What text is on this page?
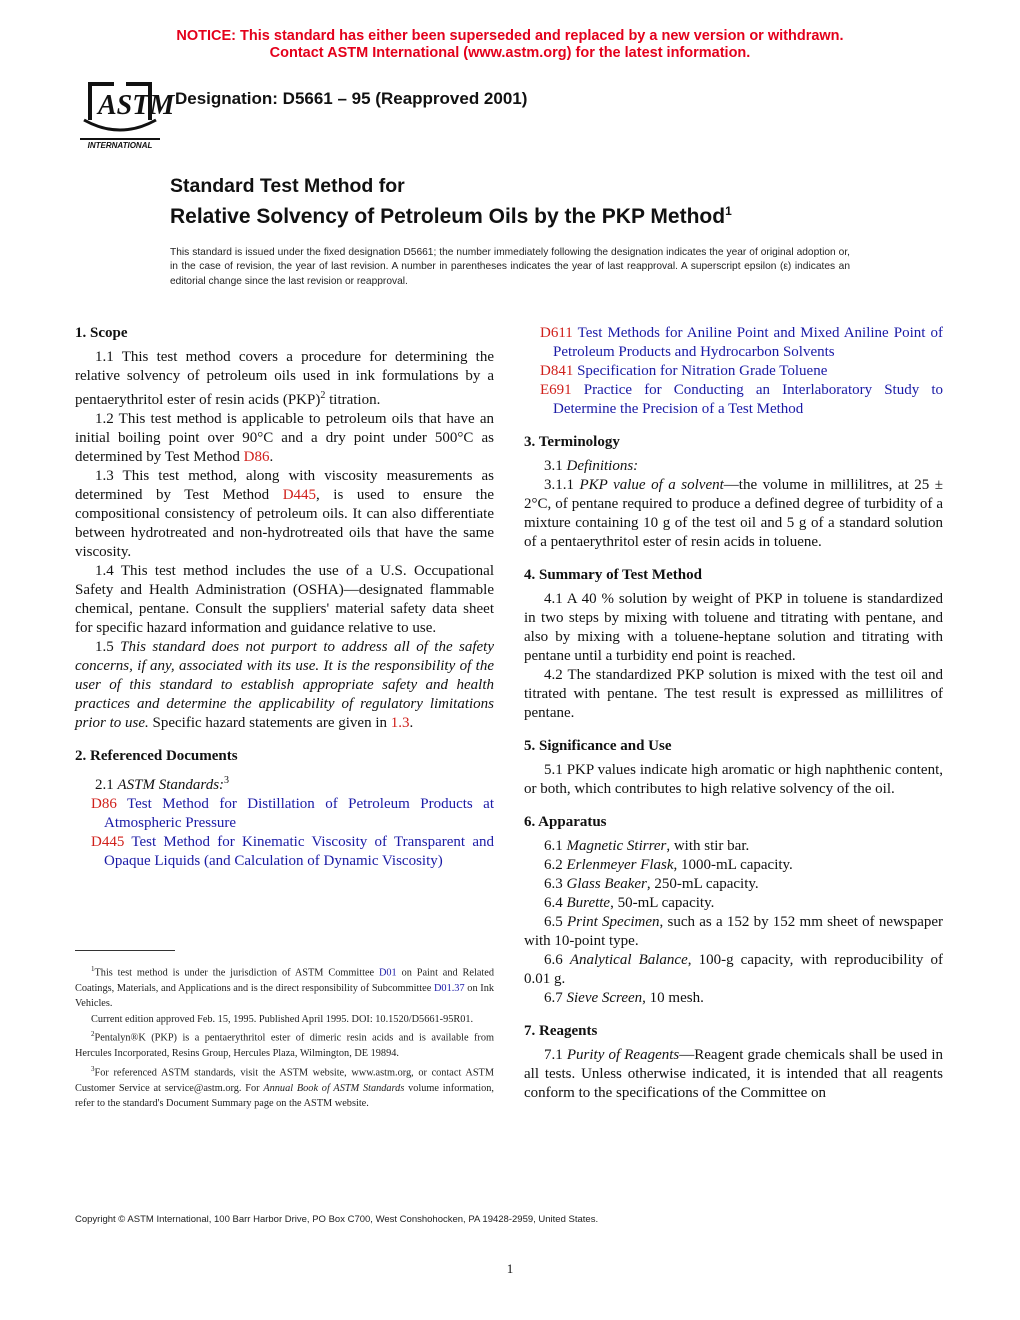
NOTICE: This standard has either been superseded and replaced by a new version or withdrawn.
Contact ASTM International (www.astm.org) for the latest information.
ASTM
INTERNATIONAL
Designation: D5661 – 95 (Reapproved 2001)
Standard Test Method for
Relative Solvency of Petroleum Oils by the PKP Method$^1$
This standard is issued under the fixed designation D5661; the number immediately following the designation indicates the year of original adoption or, in the case of revision, the year of last revision. A number in parentheses indicates the year of last reapproval. A superscript epsilon (ε) indicates an editorial change since the last revision or reapproval.

1. Scope

1.1 This test method covers a procedure for determining the relative solvency of petroleum oils used in ink formulations by a pentaerythritol ester of resin acids (PKP)$^2$ titration.

1.2 This test method is applicable to petroleum oils that have an initial boiling point over 90°C and a dry point under 500°C as determined by Test Method D86.

1.3 This test method, along with viscosity measurements as determined by Test Method D445, is used to ensure the compositional consistency of petroleum oils. It can also differentiate between hydrotreated and non-hydrotreated oils that have the same viscosity.

1.4 This test method includes the use of a U.S. Occupational Safety and Health Administration (OSHA)—designated flammable chemical, pentane. Consult the suppliers' material safety data sheet for specific hazard information and guidance relative to use.

1.5 This standard does not purport to address all of the safety concerns, if any, associated with its use. It is the responsibility of the user of this standard to establish appropriate safety and health practices and determine the applicability of regulatory limitations prior to use. Specific hazard statements are given in 1.3.

2. Referenced Documents

2.1 ASTM Standards:$^3$

D86 Test Method for Distillation of Petroleum Products at Atmospheric Pressure

D445 Test Method for Kinematic Viscosity of Transparent and Opaque Liquids (and Calculation of Dynamic Viscosity)

$^1$This test method is under the jurisdiction of ASTM Committee D01 on Paint and Related Coatings, Materials, and Applications and is the direct responsibility of Subcommittee D01.37 on Ink Vehicles.

Current edition approved Feb. 15, 1995. Published April 1995. DOI: 10.1520/D5661-95R01.

$^2$Pentalyn®K (PKP) is a pentaerythritol ester of dimeric resin acids and is available from Hercules Incorporated, Resins Group, Hercules Plaza, Wilmington, DE 19894.

$^3$For referenced ASTM standards, visit the ASTM website, www.astm.org, or contact ASTM Customer Service at service@astm.org. For Annual Book of ASTM Standards volume information, refer to the standard's Document Summary page on the ASTM website.

D611 Test Methods for Aniline Point and Mixed Aniline Point of Petroleum Products and Hydrocarbon Solvents

D841 Specification for Nitration Grade Toluene

E691 Practice for Conducting an Interlaboratory Study to Determine the Precision of a Test Method

3. Terminology

3.1 Definitions:

3.1.1 PKP value of a solvent—the volume in millilitres, at 25 ± 2°C, of pentane required to produce a defined degree of turbidity of a mixture containing 10 g of the test oil and 5 g of a standard solution of a pentaerythritol ester of resin acids in toluene.

4. Summary of Test Method

4.1 A 40 % solution by weight of PKP in toluene is standardized in two steps by mixing with toluene and titrating with pentane, and also by mixing with a toluene-heptane solution and titrating with pentane until a turbidity end point is reached.

4.2 The standardized PKP solution is mixed with the test oil and titrated with pentane. The test result is expressed as millilitres of pentane.

5. Significance and Use

5.1 PKP values indicate high aromatic or high naphthenic content, or both, which contributes to high relative solvency of the oil.

6. Apparatus

6.1 Magnetic Stirrer, with stir bar.

6.2 Erlenmeyer Flask, 1000-mL capacity.

6.3 Glass Beaker, 250-mL capacity.

6.4 Burette, 50-mL capacity.

6.5 Print Specimen, such as a 152 by 152 mm sheet of newspaper with 10-point type.

6.6 Analytical Balance, 100-g capacity, with reproducibility of 0.01 g.

6.7 Sieve Screen, 10 mesh.

7. Reagents

7.1 Purity of Reagents—Reagent grade chemicals shall be used in all tests. Unless otherwise indicated, it is intended that all reagents conform to the specifications of the Committee on

Copyright © ASTM International, 100 Barr Harbor Drive, PO Box C700, West Conshohocken, PA 19428-2959, United States.
1
